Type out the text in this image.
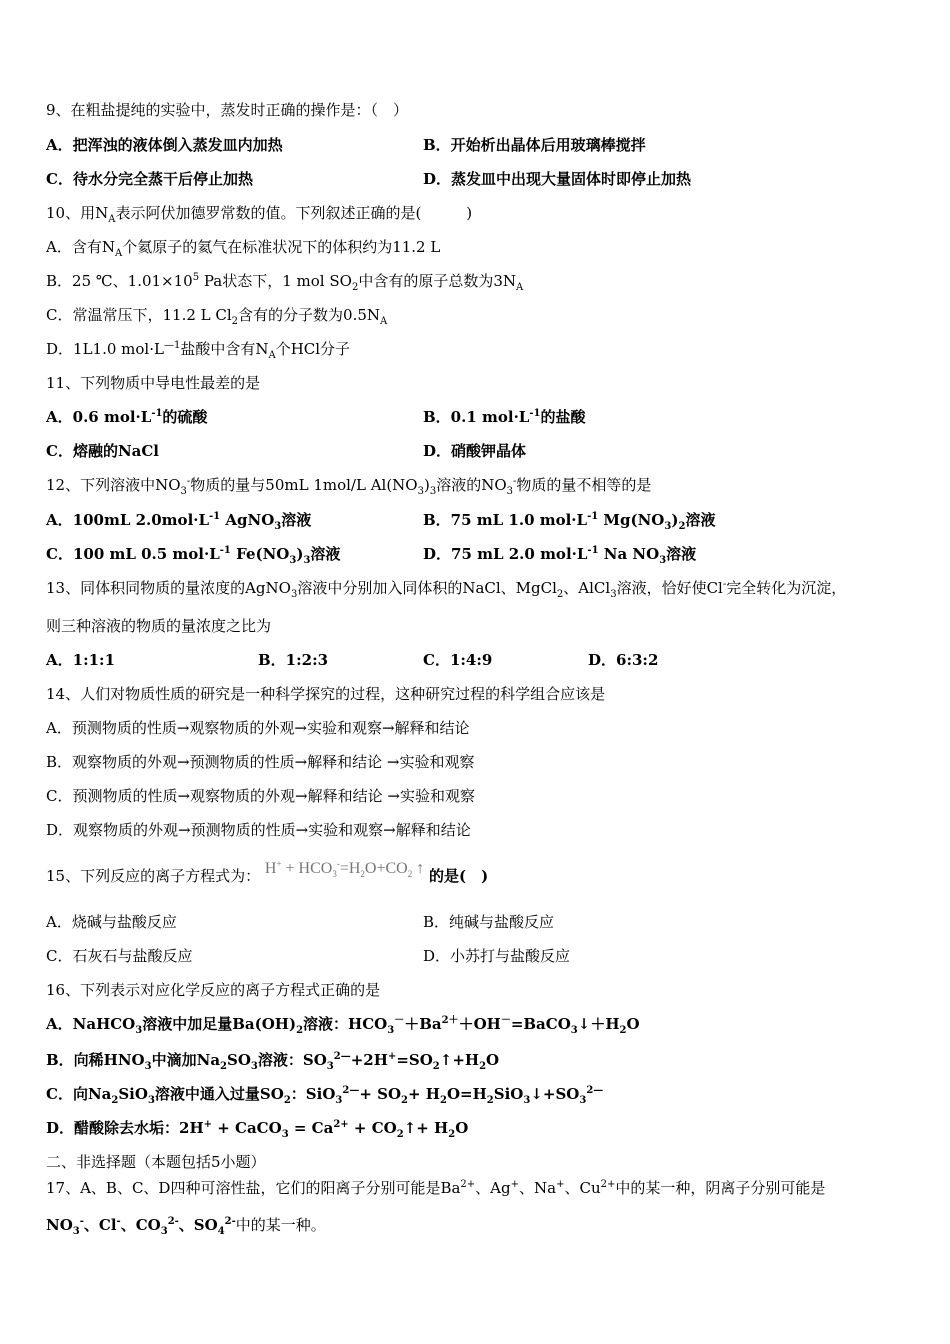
9、在粗盐提纯的实验中，蒸发时正确的操作是：（　）
A．把浑浊的液体倒入蒸发皿内加热	B．开始析出晶体后用玻璃棒搅拌
C．待水分完全蒸干后停止加热	D．蒸发皿中出现大量固体时即停止加热
10、用$N_A$表示阿伏加德罗常数的值。下列叙述正确的是(　　　)
A．含有$N_A$个氦原子的氦气在标准状况下的体积约为11.2 L
B．25 ℃、$1.01\times 10^5$ Pa状态下，1 mol $SO_2$中含有的原子总数为$3N_A$
C．常温常压下，11.2 L $Cl_2$含有的分子数为$0.5N_A$
D．1L1.0 $mol\cdot L^{—1}$盐酸中含有$N_A$个HCl分子
11、下列物质中导电性最差的是
A．0.6 $mol\cdot L^{-1}$的硫酸	B．0.1 $mol\cdot L^{-1}$的盐酸
C．熔融的NaCl	D．硝酸钾晶体
12、下列溶液中$NO_3^-$物质的量与50mL 1mol/L $Al(NO_3)_3$溶液的$NO_3^-$物质的量不相等的是
A．100mL $2.0mol\cdot L^{-1}$ AgNO$_3$溶液	B．75 mL 1.0 $mol\cdot L^{-1}$ $Mg(NO_3)_2$溶液
C．100 mL 0.5 $mol\cdot L^{-1}$ $Fe(NO_3)_3$溶液	D．75 mL 2.0 $mol\cdot L^{-1}$ Na $NO_3$溶液
13、同体积同物质的量浓度的AgNO$_3$溶液中分别加入同体积的NaCl、MgCl$_2$、AlCl$_3$溶液，恰好使Cl-完全转化为沉淀，
则三种溶液的物质的量浓度之比为
A．1:1:1	B．1:2:3	C．1:4:9	D．6:3:2
14、人们对物质性质的研究是一种科学探究的过程，这种研究过程的科学组合应该是
A．预测物质的性质→观察物质的外观→实验和观察→解释和结论
B．观察物质的外观→预测物质的性质→解释和结论 →实验和观察
C．预测物质的性质→观察物质的外观→解释和结论 →实验和观察
D．观察物质的外观→预测物质的性质→实验和观察→解释和结论
15、下列反应的离子方程式为： $H^+ + HCO_3^-=H_2O+CO_2$ ↑ 的是(　)
A．烧碱与盐酸反应	B．纯碱与盐酸反应
C．石灰石与盐酸反应	D．小苏打与盐酸反应
16、下列表示对应化学反应的离子方程式正确的是
A．NaHCO$_3$溶液中加足量$Ba(OH)_2$溶液：$HCO_3^-+Ba^{2+}+OH^-=BaCO_3↓+H_2O$
B．向稀$HNO_3$中滴加$Na_2SO_3$溶液：$SO_3^{2—}+2H^+=SO_2↑+H_2O$
C．向$Na_2SiO_3$溶液中通入过量$SO_2$：$SiO_3^{2—}+ SO_2+$ $H_2O=H_2SiO_3↓+SO_3^{2—}$
D．醋酸除去水垢：2H+ + CaCO$_3$ = $Ca^{2+}$ + $CO_2↑+ H_2O$
二、非选择题（本题包括5小题）
17、A、B、C、D四种可溶性盐，它们的阳离子分别可能是$Ba^{2+}$、Ag+、Na+、$Cu^{2+}$中的某一种，阴离子分别可能是
$NO_3^-$、Cl-、$CO_3^{2-}$、$SO_4^{2-}$中的某一种。
